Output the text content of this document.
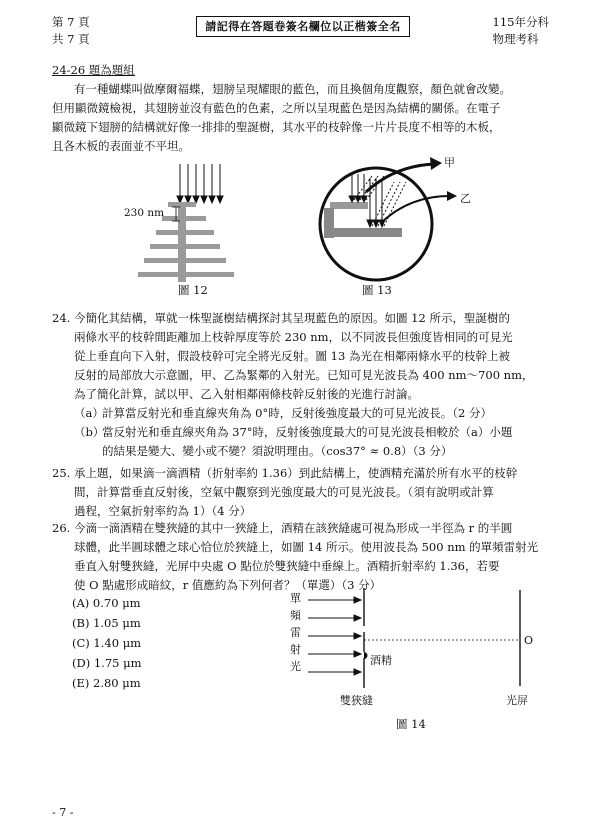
第 7 頁
共 7 頁
請記得在答題卷簽名欄位以正楷簽全名	115年分科
物理考科
24-26 題為題組
有一種蝴蝶叫做摩爾福蝶，翅膀呈現耀眼的藍色，而且換個角度觀察，顏色就會改變。
但用顯微鏡檢視，其翅膀並沒有藍色的色素，之所以呈現藍色是因為結構的關係。在電子
顯微鏡下翅膀的結構就好像一排排的聖誕樹，其水平的枝幹像一片片長度不相等的木板，
且各木板的表面並不平坦。
230 nm
圖 12
甲
乙
圖 13
24. 今簡化其結構，單就一株聖誕樹結構探討其呈現藍色的原因。如圖 12 所示，聖誕樹的
兩條水平的枝幹間距離加上枝幹厚度等於 230 nm，以不同波長但強度皆相同的可見光
從上垂直向下入射，假設枝幹可完全將光反射。圖 13 為光在相鄰兩條水平的枝幹上被
反射的局部放大示意圖，甲、乙為緊鄰的入射光。已知可見光波長為 400 nm～700 nm，
為了簡化計算，試以甲、乙入射相鄰兩條枝幹反射後的光進行討論。
（a）
計算當反射光和垂直線夾角為 0°時，反射後強度最大的可見光波長。（2 分）
（b）
當反射光和垂直線夾角為 37°時，反射後強度最大的可見光波長相較於（a）小題
的結果是變大、變小或不變？須說明理由。（cos37° ≈ 0.8）（3 分）
25. 承上題，如果滴一滴酒精（折射率約 1.36）到此結構上，使酒精充滿於所有水平的枝幹
間，計算當垂直反射後，空氣中觀察到光強度最大的可見光波長。（須有說明或計算
過程，空氣折射率約為 1）（4 分）
26. 今滴一滴酒精在雙狹縫的其中一狹縫上，酒精在該狹縫處可視為形成一半徑為 r 的半圓
球體，此半圓球體之球心恰位於狹縫上，如圖 14 所示。使用波長為 500 nm 的單頻雷射光
垂直入射雙狹縫，光屏中央處 O 點位於雙狹縫中垂線上。酒精折射率約 1.36，若要
使 O 點處形成暗紋，r 值應約為下列何者？（單選）（3 分）
(A) 0.70 μm
(B) 1.05 μm
(C) 1.40 μm
(D) 1.75 μm
(E) 2.80 μm
單頻雷射光
O
酒精
雙狹縫	光屏
圖 14
- 7 -
